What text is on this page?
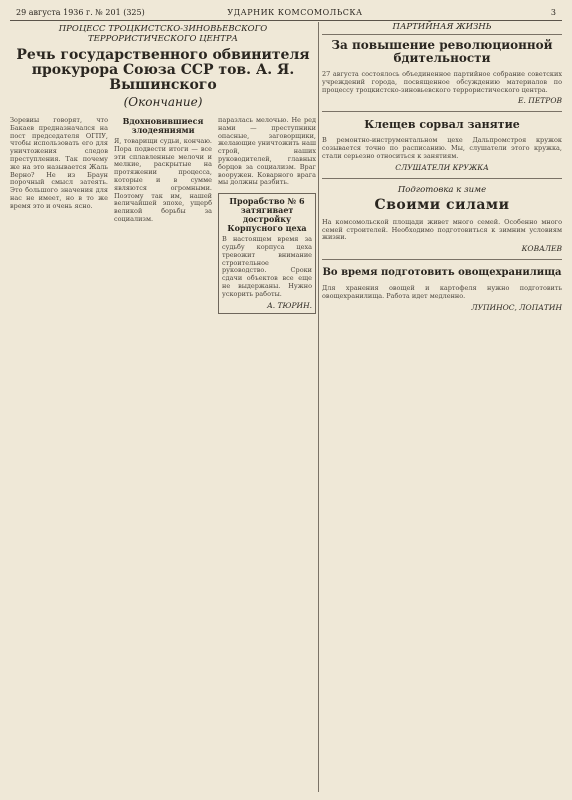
29 августа 1936 г. № 201 (325)	УДАРНИК КОМСОМОЛЬСКА	3
ПРОЦЕСС ТРОЦКИСТСКО-ЗИНОВЬЕВСКОГО ТЕРРОРИСТИЧЕСКОГО ЦЕНТРА
Речь государственного обвинителя прокурора Союза ССР тов. А. Я. Вышинского
(Окончание)
Зоревиы говорят, что Бакаев предназначался на пост председателя ОГПУ, чтобы использовать его для уничтожения следов преступления. Так почему же на это называется Жаль Верно? Не из Браун порочный смысл затеять. Это большого значения для нас не имеет, но в то же время это и очень ясно.
Вдохновившиеся злодеяниями
Я, товарищи судьи, кончаю. Пора подвести итоги — все эти сплавленные мелочи и мелкие, раскрытые на протяжении процесса, которые и в сумме являются огромными. Поэтому так им, нашей величайшей эпохе, ущерб великой борьбы за социализм.
паразлась мелочью. Не ред нами — преступники опасные, заговорщики, желающие уничтожить наш строй, наших руководителей, главных борцов за социализм. Враг вооружен. Коварного врага мы должны разбить.
Прорабство № 6 затягивает достройку Корпусного цеха
В настоящем время за судьбу корпуса цеха тревожит внимание строительное руководство. Сроки сдачи объектов все еще не выдержаны. Нужно ускорить работы.
А. ТЮРИН.
ПАРТИЙНАЯ ЖИЗНЬ
За повышение революционной бдительности
27 августа состоялось объединенное партийное собрание советских учреждений города, посвященное обсуждению материалов по процессу троцкистско-зиновьевского террористического центра.
Е. ПЕТРОВ
Клещев сорвал занятие
В ремонтно-инструментальном цехе Дальпромстроя кружок созывается точно по расписанию. Мы, слушатели этого кружка, стали серьезно относиться к занятиям.
СЛУШАТЕЛИ КРУЖКА
Подготовка к зиме
Своими силами
На комсомольской площади живет много семей. Особенно много семей строителей. Необходимо подготовиться к зимним условиям жизни.
КОВАЛЕВ
Во время подготовить овощехранилища
Для хранения овощей и картофеля нужно подготовить овощехранилища. Работа идет медленно.
ЛУПИНОС, ЛОПАТИН
